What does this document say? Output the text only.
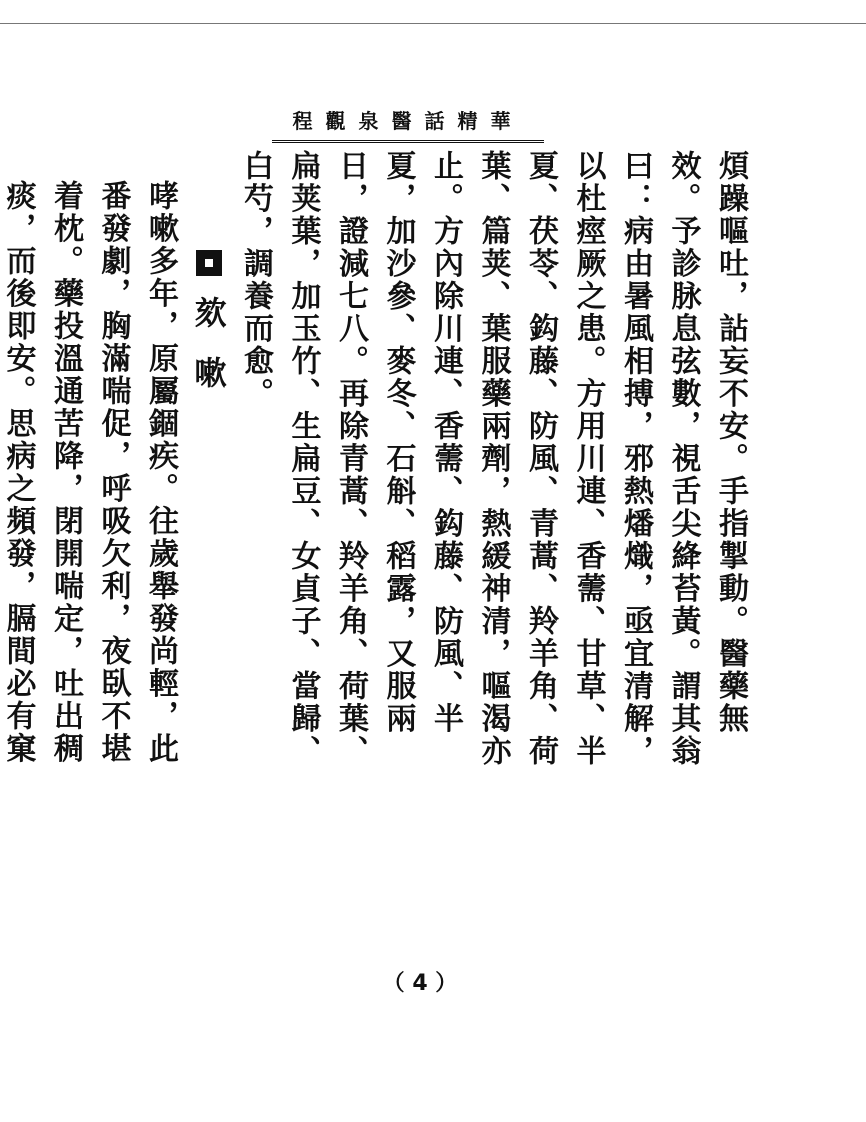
程觀泉醫話精華

煩躁嘔吐，詀妄不安。手指掣動。醫藥無效。予診脉息弦數，視舌尖絳苔黃。謂其翁曰：病由暑風相搏，邪熱燔熾，亟宜清解，以杜痙厥之患。方用川連、香薷、甘草、半夏、茯苓、鈎藤、防風、青蒿、羚羊角、荷葉、篇荚、葉服藥兩劑，熱緩神清，嘔渴亦止。方內除川連、香薷、鈎藤、防風、半夏，加沙參、麥冬、石斛、稻露，又服兩日，證減七八。再除青蒿、羚羊角、荷葉、扁荚葉，加玉竹、生扁豆、女貞子、當歸、白芍，調養而愈。

欬嗽

哮嗽多年，原屬錮疾。往歲舉發尚輕，此番發劇，胸滿喘促，呼吸欠利，夜臥不堪着枕。藥投溫通苦降，閉開喘定，吐出稠痰，而後即安。思病之頻發，膈間必有窠

（ 4 ）
